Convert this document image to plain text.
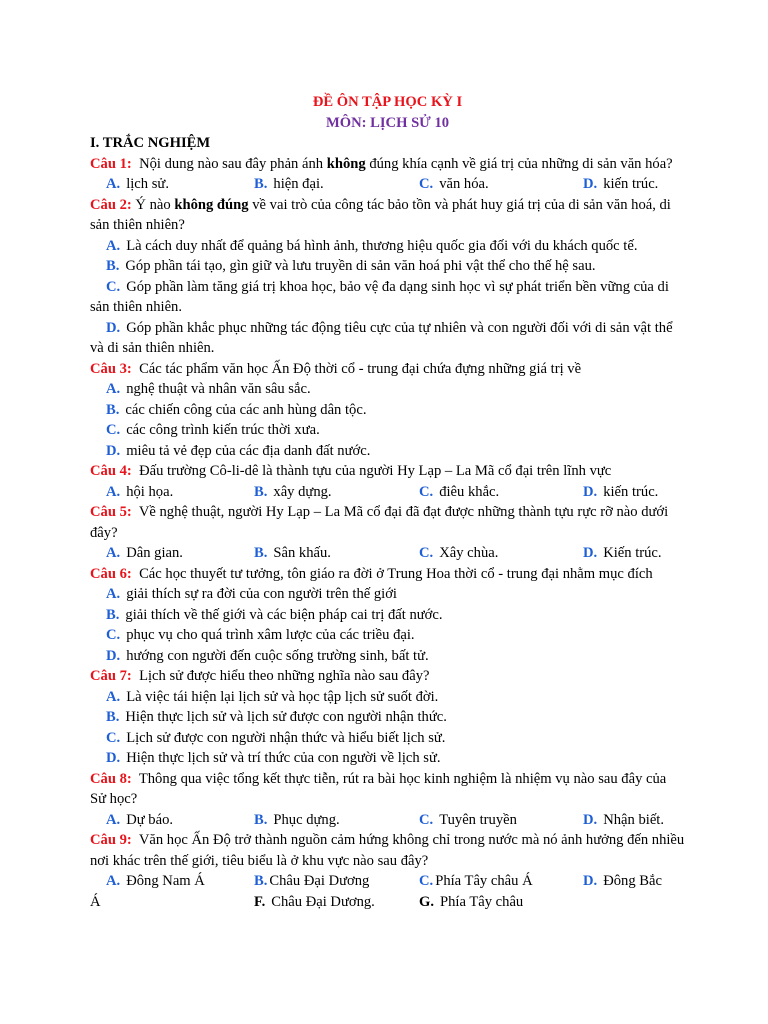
ĐỀ ÔN TẬP HỌC KỲ I

MÔN: LỊCH SỬ 10

I. TRẮC NGHIỆM

Câu 1: Nội dung nào sau đây phản ánh không đúng khía cạnh về giá trị của những di sản văn hóa?

A. lịch sử.	B. hiện đại.	C. văn hóa.	D. kiến trúc.

Câu 2: Ý nào không đúng về vai trò của công tác bảo tồn và phát huy giá trị của di sản văn hoá, di sản thiên nhiên?

A. Là cách duy nhất để quảng bá hình ảnh, thương hiệu quốc gia đối với du khách quốc tế.

B. Góp phần tái tạo, gìn giữ và lưu truyền di sản văn hoá phi vật thể cho thế hệ sau.

C. Góp phần làm tăng giá trị khoa học, bảo vệ đa dạng sinh học vì sự phát triển bền vững của di sản thiên nhiên.

D. Góp phần khắc phục những tác động tiêu cực của tự nhiên và con người đối với di sản vật thể và di sản thiên nhiên.

Câu 3: Các tác phẩm văn học Ấn Độ thời cổ - trung đại chứa đựng những giá trị về

A. nghệ thuật và nhân văn sâu sắc.

B. các chiến công của các anh hùng dân tộc.

C. các công trình kiến trúc thời xưa.

D. miêu tả vẻ đẹp của các địa danh đất nước.

Câu 4: Đấu trường Cô-li-dê là thành tựu của người Hy Lạp – La Mã cổ đại trên lĩnh vực

A. hội họa.	B. xây dựng.	C. điêu khắc.	D. kiến trúc.

Câu 5: Về nghệ thuật, người Hy Lạp – La Mã cổ đại đã đạt được những thành tựu rực rỡ nào dưới đây?

A. Dân gian.	B. Sân khấu.	C. Xây chùa.	D. Kiến trúc.

Câu 6: Các học thuyết tư tưởng, tôn giáo ra đời ở Trung Hoa thời cổ - trung đại nhằm mục đích

A. giải thích sự ra đời của con người trên thế giới

B. giải thích về thế giới và các biện pháp cai trị đất nước.

C. phục vụ cho quá trình xâm lược của các triều đại.

D. hướng con người đến cuộc sống trường sinh, bất tử.

Câu 7: Lịch sử được hiểu theo những nghĩa nào sau đây?

A. Là việc tái hiện lại lịch sử và học tập lịch sử suốt đời.

B. Hiện thực lịch sử và lịch sử được con người nhận thức.

C. Lịch sử được con người nhận thức và hiểu biết lịch sử.

D. Hiện thực lịch sử và trí thức của con người về lịch sử.

Câu 8: Thông qua việc tổng kết thực tiễn, rút ra bài học kinh nghiệm là nhiệm vụ nào sau đây của Sử học?

A. Dự báo.	B. Phục dựng.	C. Tuyên truyền	D. Nhận biết.

Câu 9: Văn học Ấn Độ trở thành nguồn cảm hứng không chỉ trong nước mà nó ảnh hưởng đến nhiều nơi khác trên thế giới, tiêu biểu là ở khu vực nào sau đây?

A. Đông Nam Á	B. Châu Đại Dương	C. Phía Tây châu Á	D. Đông Bắc
Á	F. Châu Đại Dương.	G. Phía Tây châu
